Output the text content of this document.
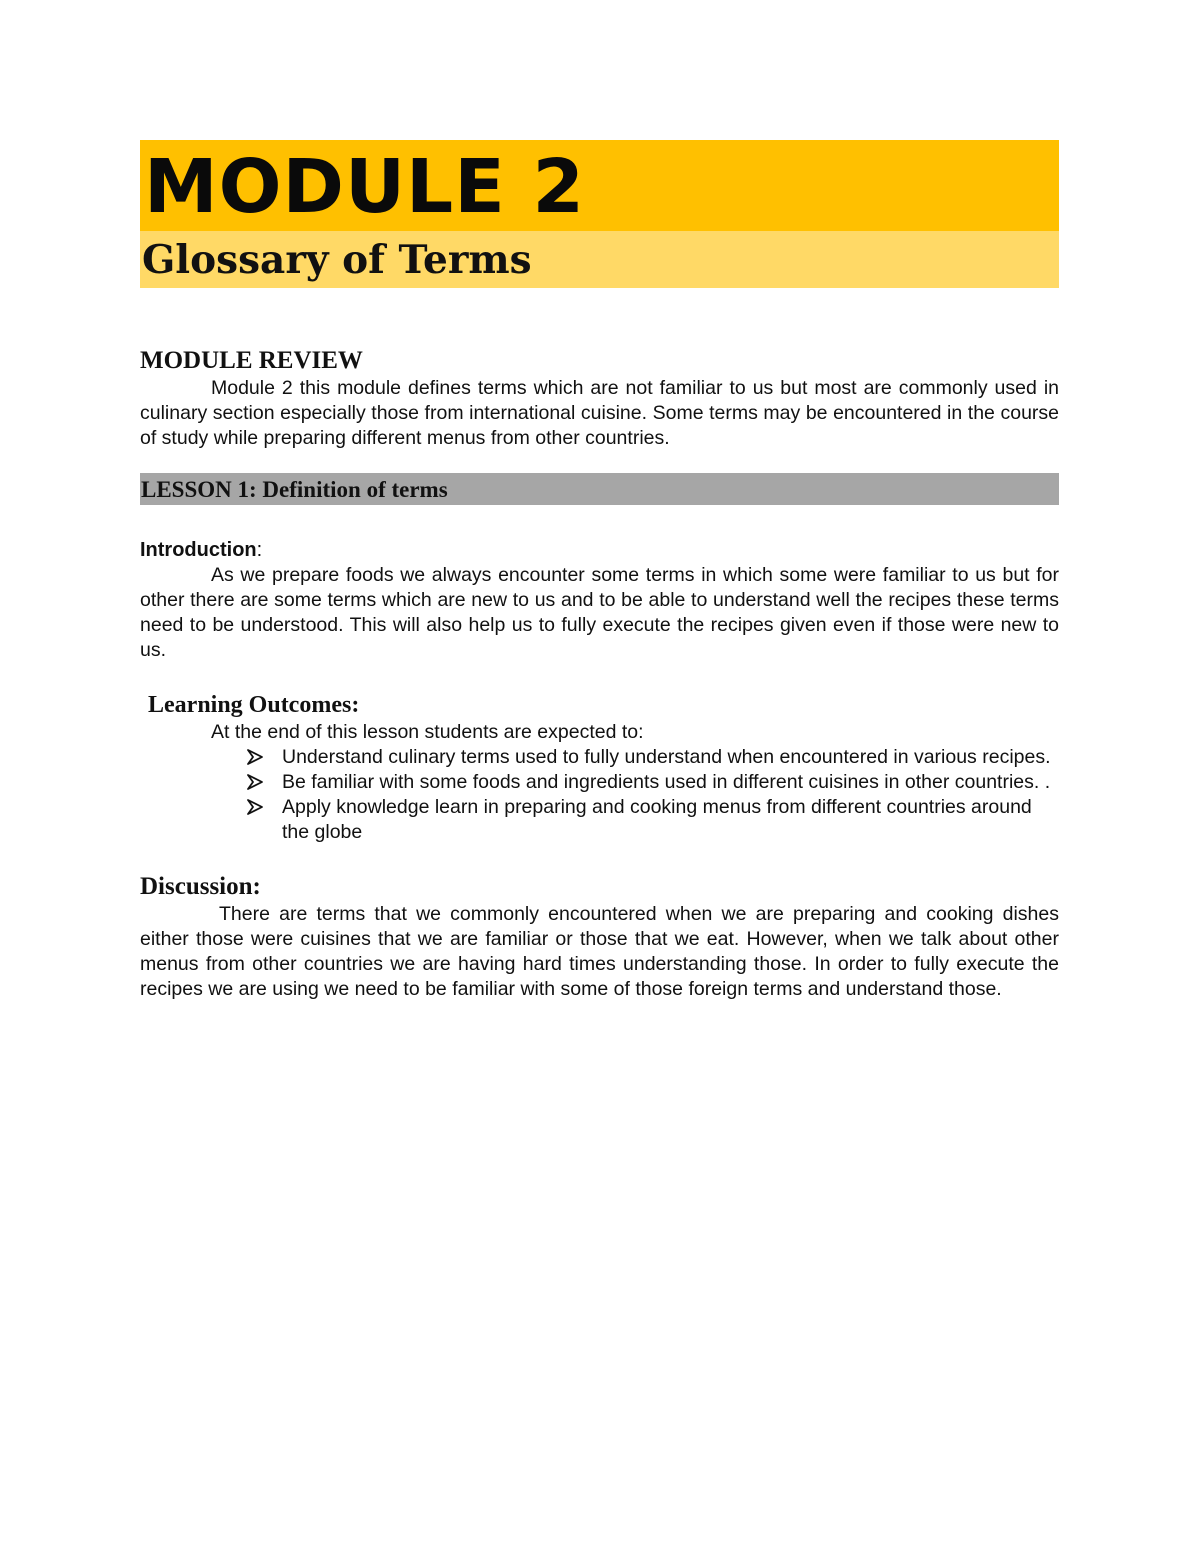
MODULE 2
Glossary of Terms
MODULE REVIEW

Module 2 this module defines terms which are not familiar to us but most are commonly used in culinary section especially those from international cuisine. Some terms may be encountered in the course of study while preparing different menus from other countries.

LESSON 1: Definition of terms

Introduction:

As we prepare foods we always encounter some terms in which some were familiar to us but for other there are some terms which are new to us and to be able to understand well the recipes these terms need to be understood. This will also help us to fully execute the recipes given even if those were new to us.

Learning Outcomes:

At the end of this lesson students are expected to:

Understand culinary terms used to fully understand when encountered in various recipes.
Be familiar with some foods and ingredients used in different cuisines in other countries. .
Apply knowledge learn in preparing and cooking menus from different countries around the globe
Discussion:

There are terms that we commonly encountered when we are preparing and cooking dishes either those were cuisines that we are familiar or those that we eat. However, when we talk about other menus from other countries we are having hard times understanding those. In order to fully execute the recipes we are using we need to be familiar with some of those foreign terms and understand those.
